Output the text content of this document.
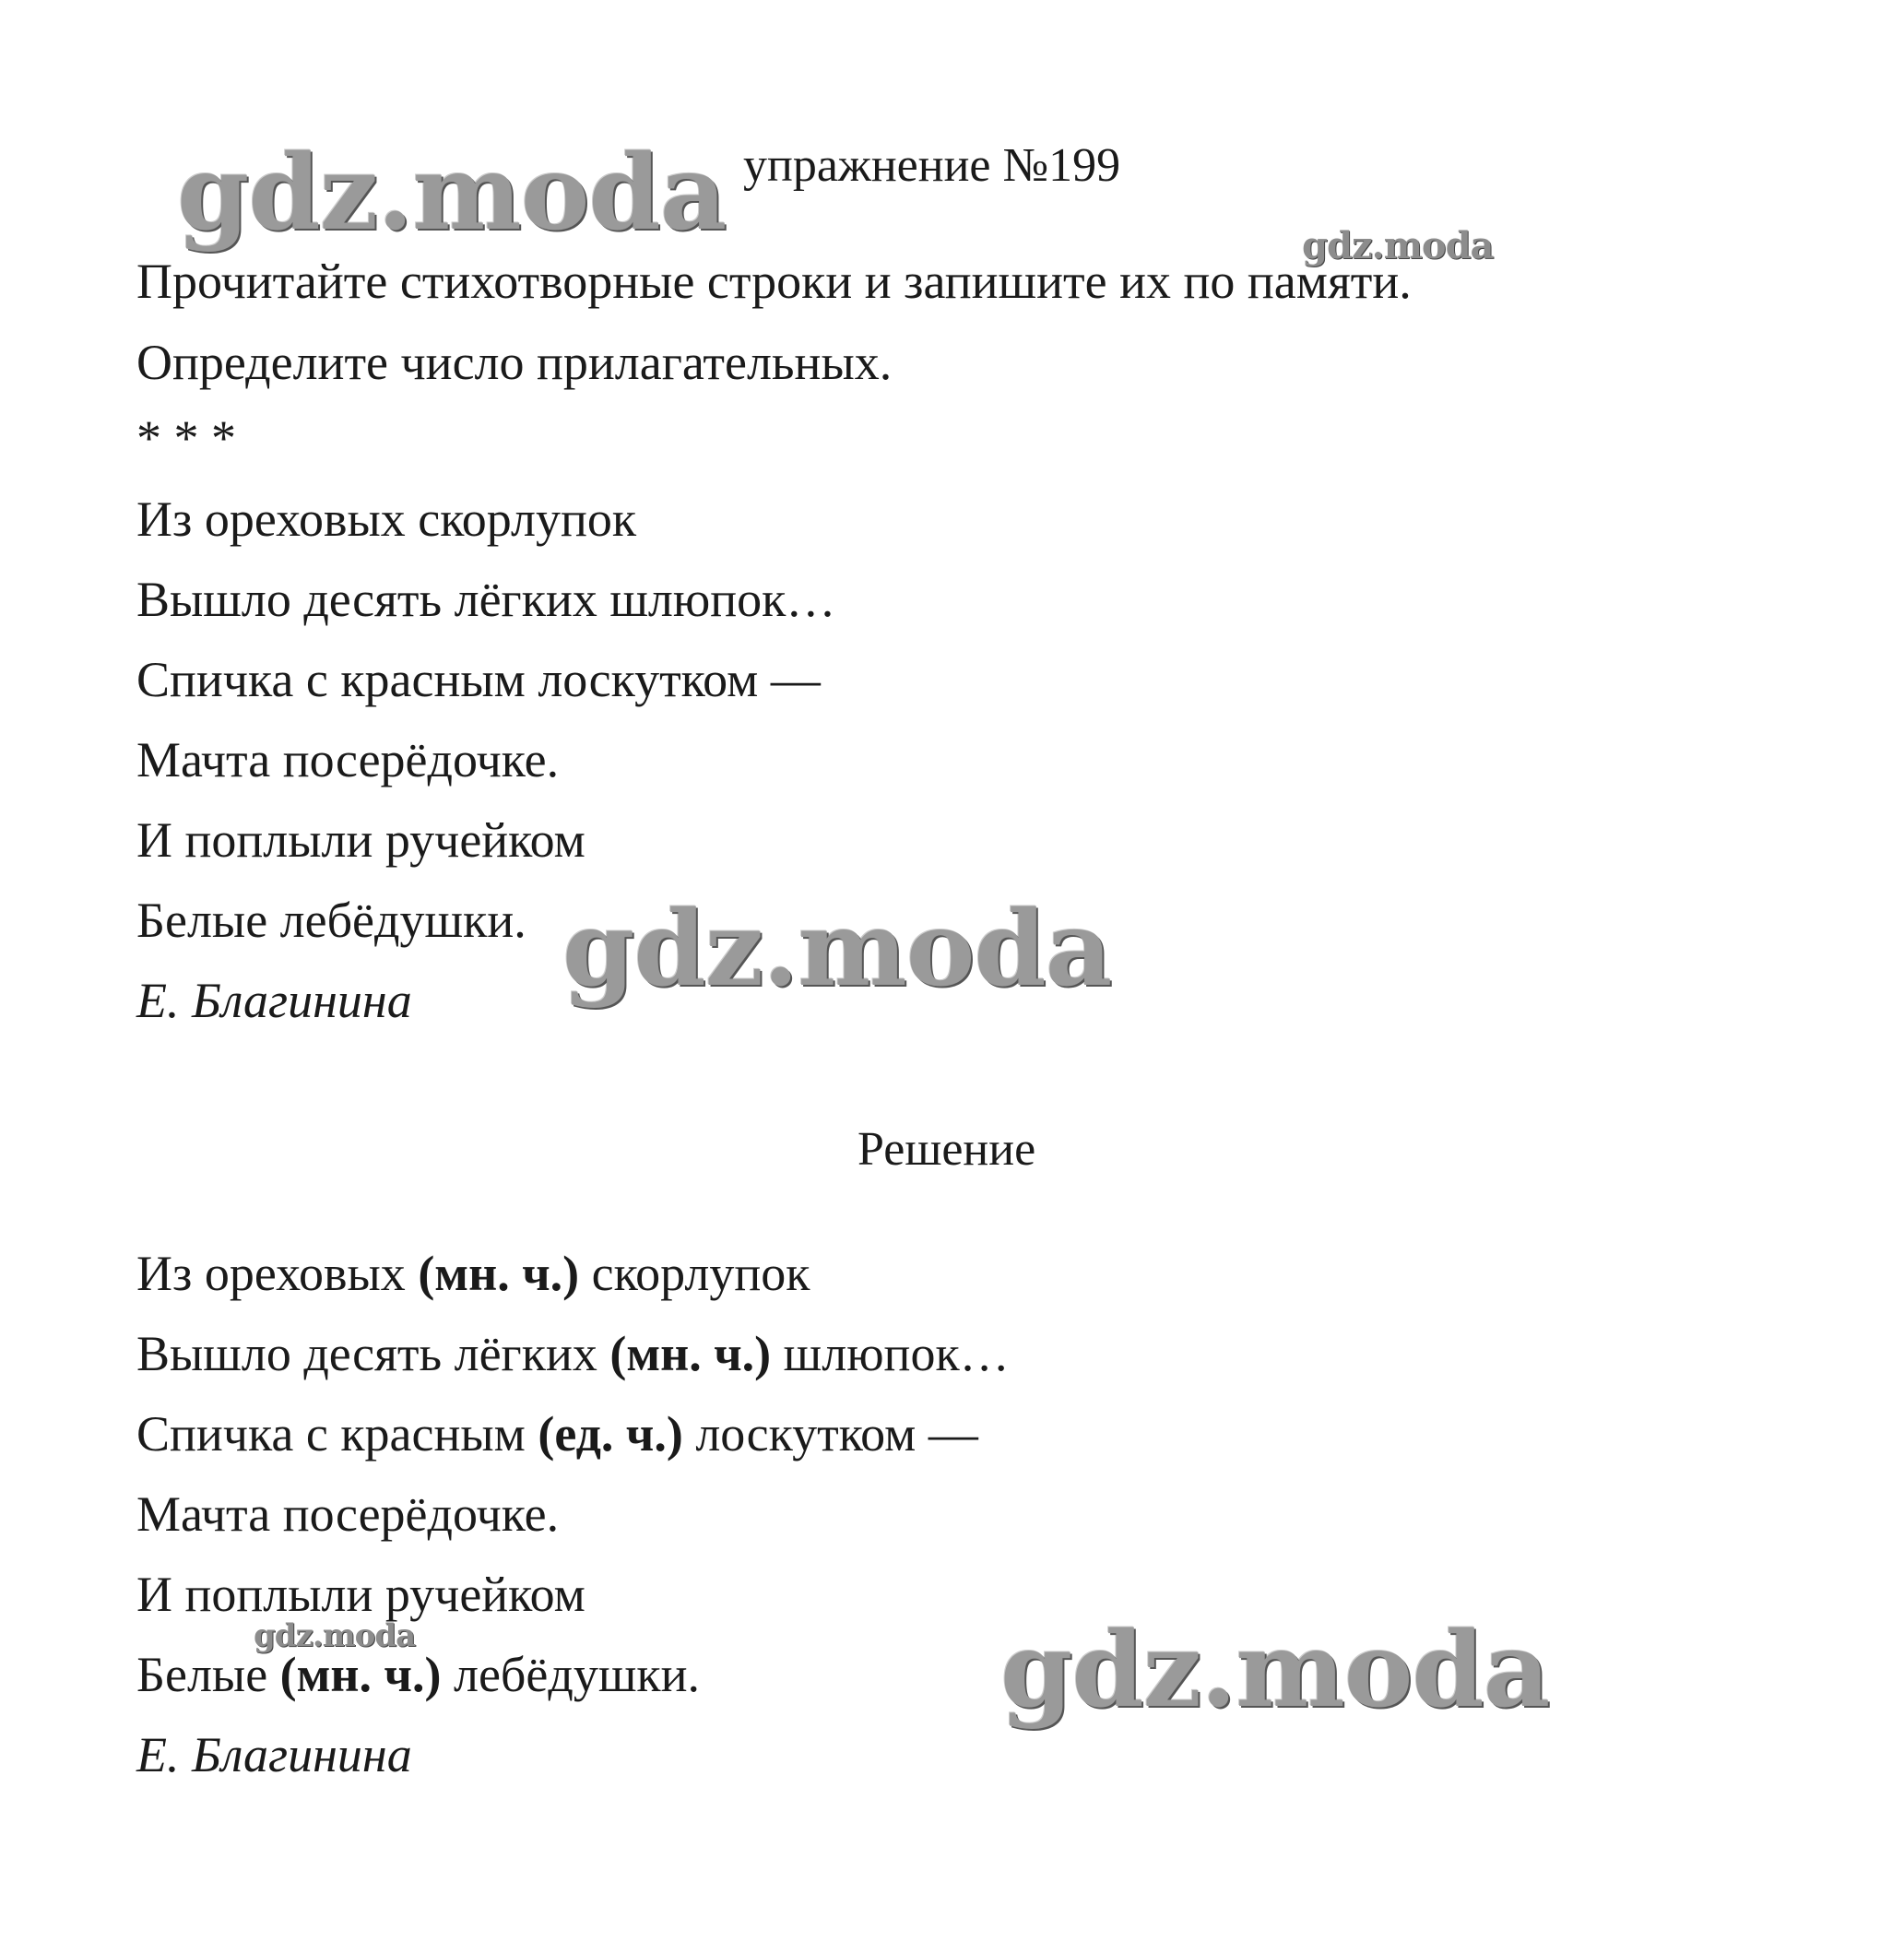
gdz.moda	gdz.moda
gdz.moda
gdz.moda	gdz.moda
упражнение №199
Прочитайте стихотворные строки и запишите их по памяти.
Определите число прилагательных.
* * *
Из ореховых скорлупок
Вышло десять лёгких шлюпок…
Спичка с красным лоскутком —
Мачта посерёдочке.
И поплыли ручейком
Белые лебёдушки.
Е. Благинина
Решение
Из ореховых (мн. ч.) скорлупок
Вышло десять лёгких (мн. ч.) шлюпок…
Спичка с красным (ед. ч.) лоскутком —
Мачта посерёдочке.
И поплыли ручейком
Белые (мн. ч.) лебёдушки.
Е. Благинина
